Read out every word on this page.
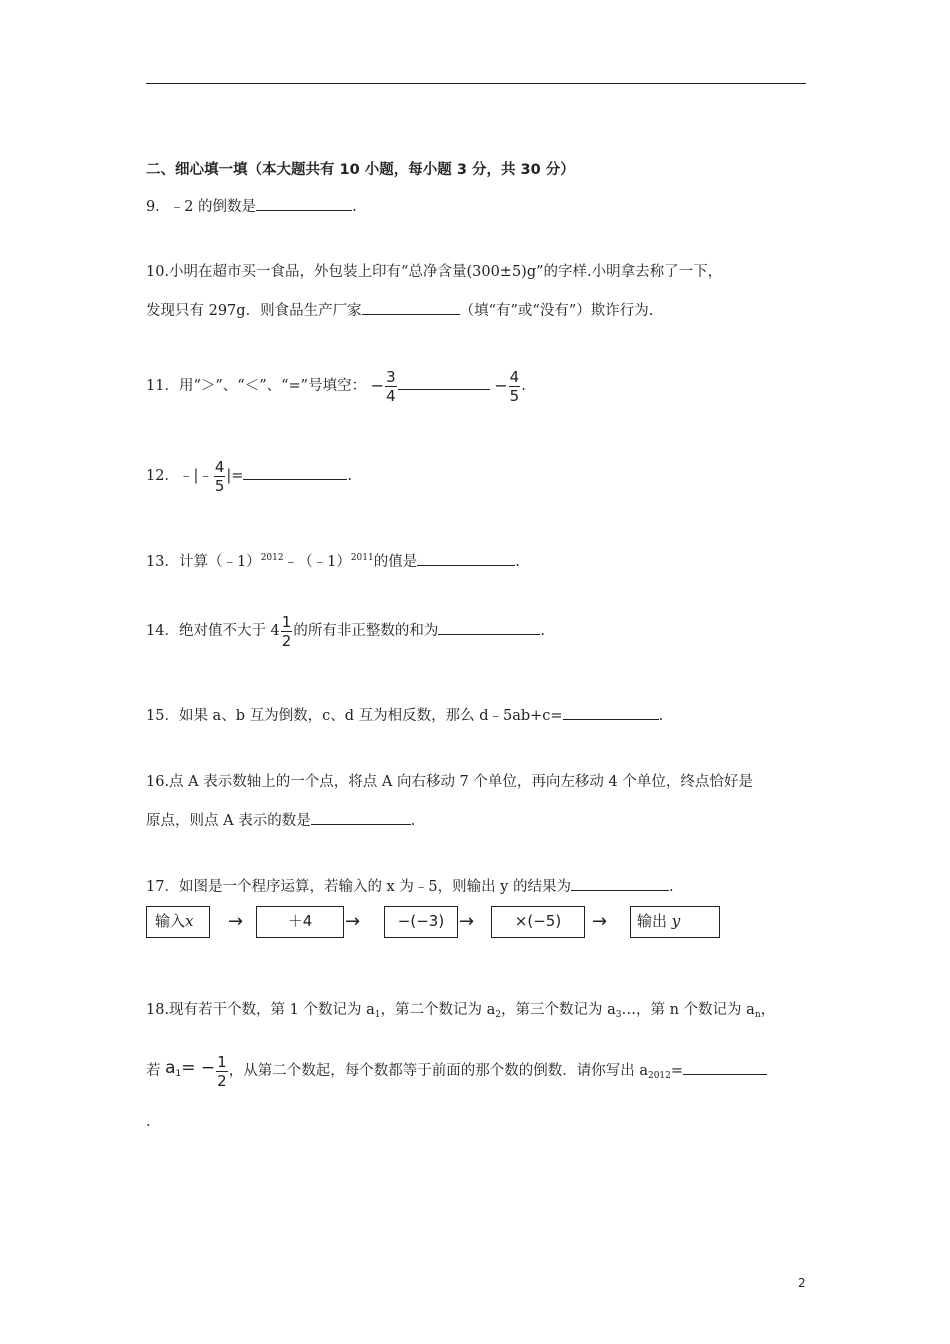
二、细心填一填（本大题共有 10 小题，每小题 3 分，共 30 分）
9．﹣2 的倒数是	.
10.小明在超市买一食品，外包装上印有“总净含量(300±5)g”的字样.小明拿去称了一下，
发现只有 297g．则食品生产厂家	（填“有”或“没有”）欺诈行为.
11．用“＞”、“＜”、“=”号填空： − $\frac{3}{4}$	− $\frac{4}{5}$ .
12．﹣|﹣ $\frac{4}{5}$ |=	.
13．计算（﹣1）$^{2012}$﹣（﹣1）$^{2011}$的值是	.
14．绝对值不大于 $4 \frac{1}{2}$ 的所有非正整数的和为	.
15．如果 a、b 互为倒数，c、d 互为相反数，那么 d﹣5ab+c=	.
16.点 A 表示数轴上的一个点，将点 A 向右移动 7 个单位，再向左移动 4 个单位，终点恰好是
原点，则点 A 表示的数是	.
17．如图是一个程序运算，若输入的 x 为﹣5，则输出 y 的结果为	.
输入x	→	＋4	→	−(−3) →	×(−5)	→	输出 y
18.现有若干个数，第 1 个数记为 $a_1$，第二个数记为 $a_2$，第三个数记为 $a_3\dots$，第 n 个数记为 $a_n$，
若 $a_1= - \frac{1}{2}$ ，从第二个数起，每个数都等于前面的那个数的倒数．请你写出 $a_{2012}=$
.
2
